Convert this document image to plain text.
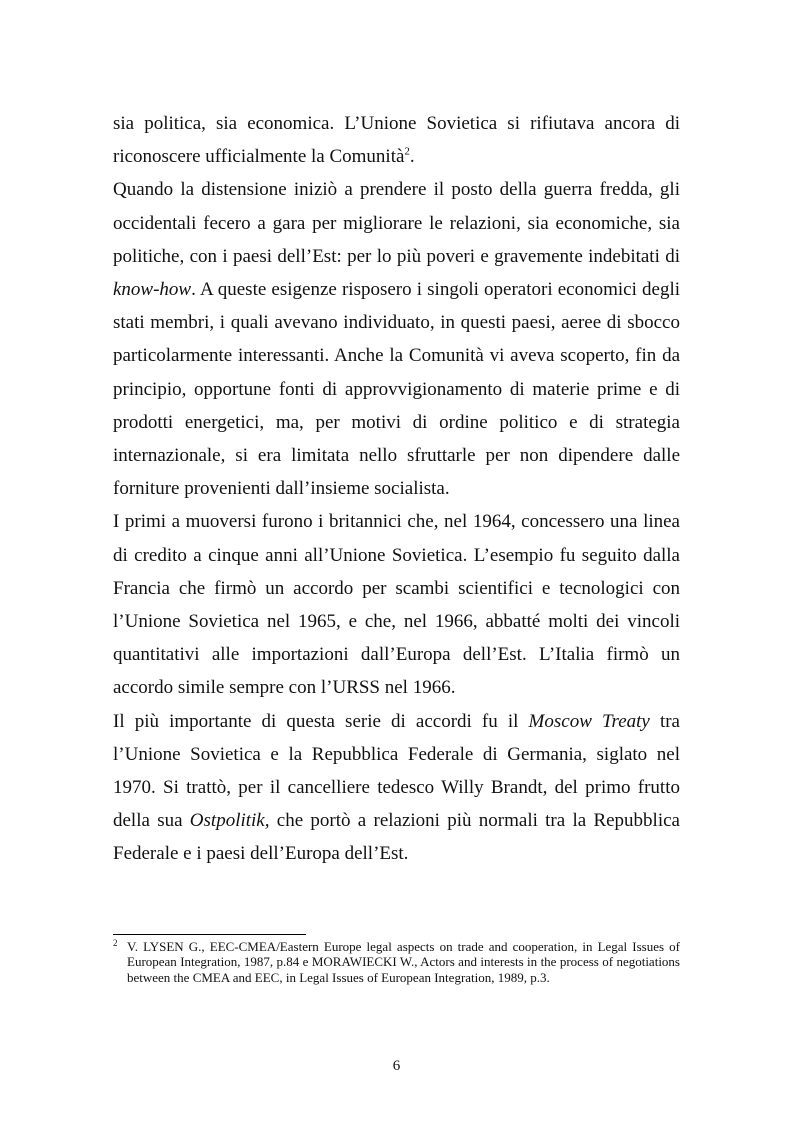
sia politica, sia economica. L’Unione Sovietica si rifiutava ancora di riconoscere ufficialmente la Comunità$^2$.

Quando la distensione iniziò a prendere il posto della guerra fredda, gli occidentali fecero a gara per migliorare le relazioni, sia economiche, sia politiche, con i paesi dell’Est: per lo più poveri e gravemente indebitati di know-how. A queste esigenze risposero i singoli operatori economici degli stati membri, i quali avevano individuato, in questi paesi, aeree di sbocco particolarmente interessanti. Anche la Comunità vi aveva scoperto, fin da principio, opportune fonti di approvvigionamento di materie prime e di prodotti energetici, ma, per motivi di ordine politico e di strategia internazionale, si era limitata nello sfruttarle per non dipendere dalle forniture provenienti dall’insieme socialista.

I primi a muoversi furono i britannici che, nel 1964, concessero una linea di credito a cinque anni all’Unione Sovietica. L’esempio fu seguito dalla Francia che firmò un accordo per scambi scientifici e tecnologici con l’Unione Sovietica nel 1965, e che, nel 1966, abbatté molti dei vincoli quantitativi alle importazioni dall’Europa dell’Est. L’Italia firmò un accordo simile sempre con l’URSS nel 1966.

Il più importante di questa serie di accordi fu il Moscow Treaty tra l’Unione Sovietica e la Repubblica Federale di Germania, siglato nel 1970. Si trattò, per il cancelliere tedesco Willy Brandt, del primo frutto della sua Ostpolitik, che portò a relazioni più normali tra la Repubblica Federale e i paesi dell’Europa dell’Est.

2 V. LYSEN G., EEC-CMEA/Eastern Europe legal aspects on trade and cooperation, in Legal Issues of European Integration, 1987, p.84 e MORAWIECKI W., Actors and interests in the process of negotiations between the CMEA and EEC, in Legal Issues of European Integration, 1989, p.3.
6
